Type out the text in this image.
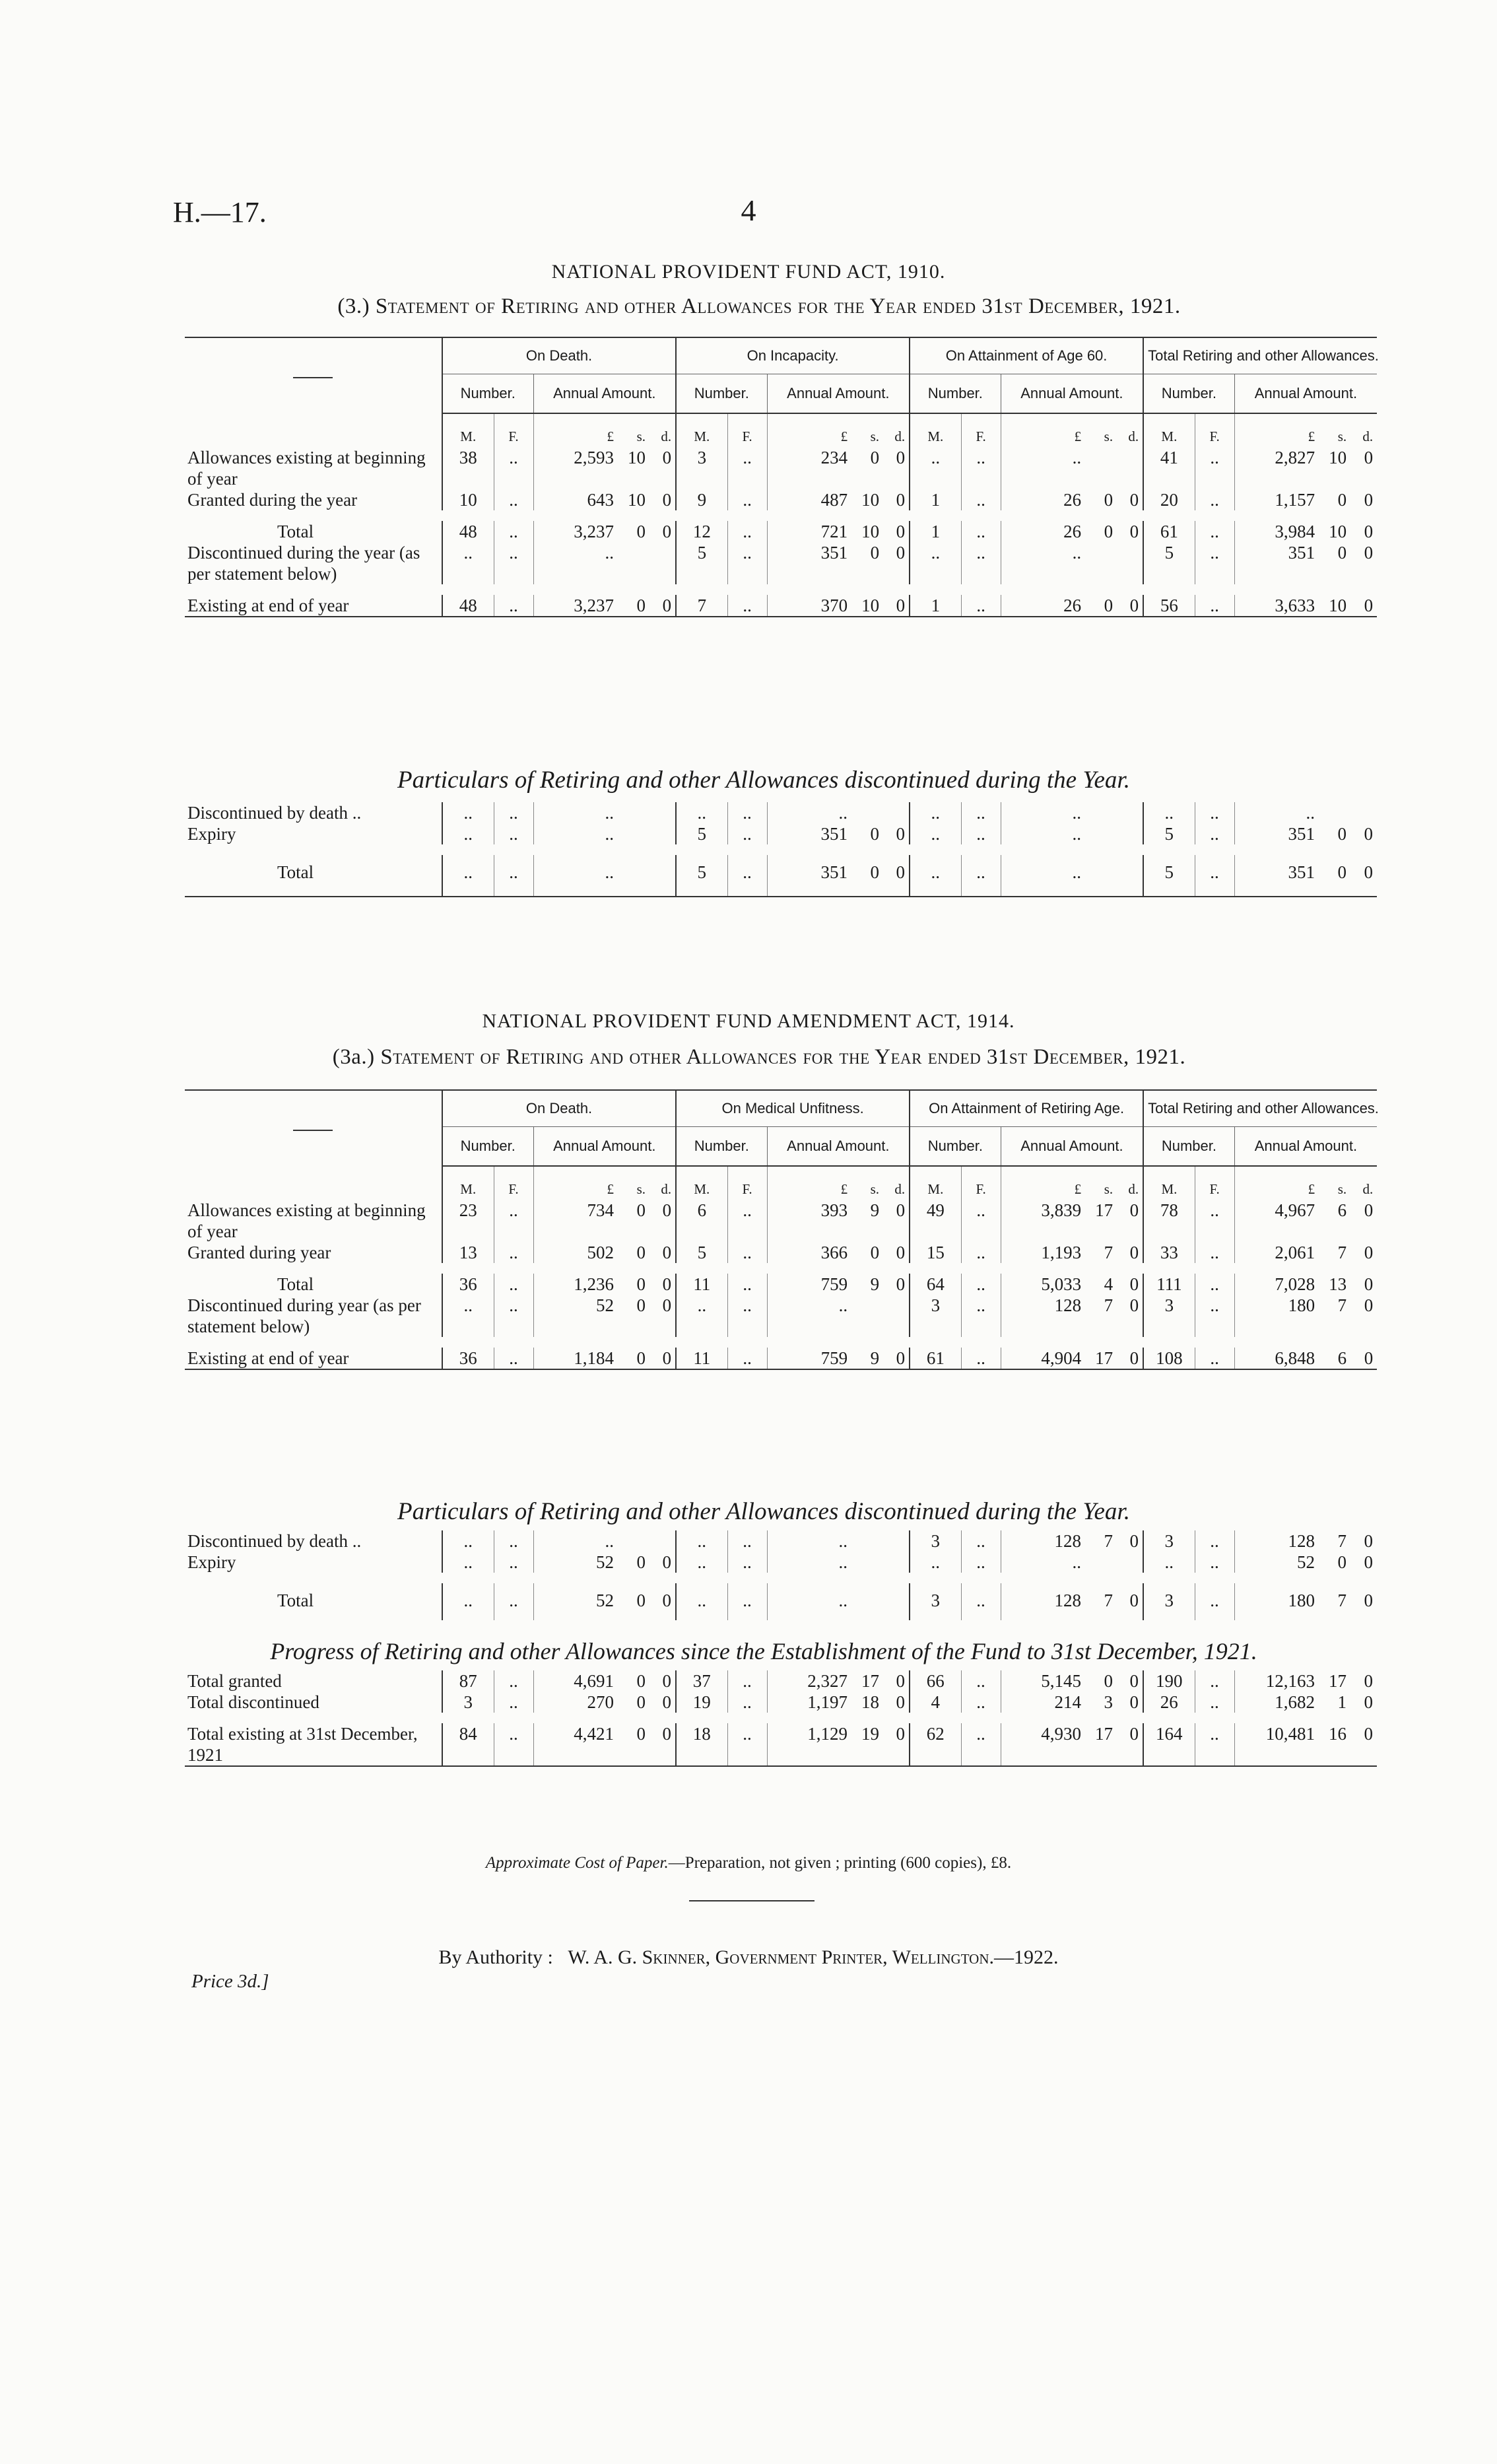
H.—17.	4
NATIONAL PROVIDENT FUND ACT, 1910.
(3.) Statement of Retiring and other Allowances for the Year ended 31st December, 1921.
	On Death.					On Incapacity.					On Attainment of Age 60.					Total Retiring and other Allowances.				
	Number.		Annual Amount.			Number.		Annual Amount.			Number.		Annual Amount.			Number.		Annual Amount.		
	M.	F.	£	s.	d.	M.	F.	£	s.	d.	M.	F.	£	s.	d.	M.	F.	£	s.	d.
Allowances existing at beginning of year	38	..	2,593	10	0	3	..	234	0	0	..	..	..			41	..	2,827	10	0
Granted during the year	10	..	643	10	0	9	..	487	10	0	1	..	26	0	0	20	..	1,157	0	0

Total	48	..	3,237	0	0	12	..	721	10	0	1	..	26	0	0	61	..	3,984	10	0
Discontinued during the year (as per statement below)	..	..	..			5	..	351	0	0	..	..	..			5	..	351	0	0

Existing at end of year	48	..	3,237	0	0	7	..	370	10	0	1	..	26	0	0	56	..	3,633	10	0
Particulars of Retiring and other Allowances discontinued during the Year.
Discontinued by death ..	..	..	..			..	..	..			..	..	..			..	..	..		
Expiry	..	..	..			5	..	351	0	0	..	..	..			5	..	351	0	0

Total	..	..	..			5	..	351	0	0	..	..	..			5	..	351	0	0
NATIONAL PROVIDENT FUND AMENDMENT ACT, 1914.
(3a.) Statement of Retiring and other Allowances for the Year ended 31st December, 1921.
	On Death.					On Medical Unfitness.					On Attainment of Retiring Age.					Total Retiring and other Allowances.				
	Number.		Annual Amount.			Number.		Annual Amount.			Number.		Annual Amount.			Number.		Annual Amount.		
	M.	F.	£	s.	d.	M.	F.	£	s.	d.	M.	F.	£	s.	d.	M.	F.	£	s.	d.
Allowances existing at beginning of year	23	..	734	0	0	6	..	393	9	0	49	..	3,839	17	0	78	..	4,967	6	0
Granted during year	13	..	502	0	0	5	..	366	0	0	15	..	1,193	7	0	33	..	2,061	7	0

Total	36	..	1,236	0	0	11	..	759	9	0	64	..	5,033	4	0	111	..	7,028	13	0
Discontinued during year (as per statement below)	..	..	52	0	0	..	..	..			3	..	128	7	0	3	..	180	7	0

Existing at end of year	36	..	1,184	0	0	11	..	759	9	0	61	..	4,904	17	0	108	..	6,848	6	0
Particulars of Retiring and other Allowances discontinued during the Year.
Discontinued by death ..	..	..	..			..	..	..			3	..	128	7	0	3	..	128	7	0
Expiry	..	..	52	0	0	..	..	..			..	..	..			..	..	52	0	0

Total	..	..	52	0	0	..	..	..			3	..	128	7	0	3	..	180	7	0
Progress of Retiring and other Allowances since the Establishment of the Fund to 31st December, 1921.
Total granted	87	..	4,691	0	0	37	..	2,327	17	0	66	..	5,145	0	0	190	..	12,163	17	0
Total discontinued	3	..	270	0	0	19	..	1,197	18	0	4	..	214	3	0	26	..	1,682	1	0

Total existing at 31st December, 1921	84	..	4,421	0	0	18	..	1,129	19	0	62	..	4,930	17	0	164	..	10,481	16	0
Approximate Cost of Paper.—Preparation, not given ; printing (600 copies), £8.
By Authority : W. A. G. Skinner, Government Printer, Wellington.—1922.
Price 3d.]
